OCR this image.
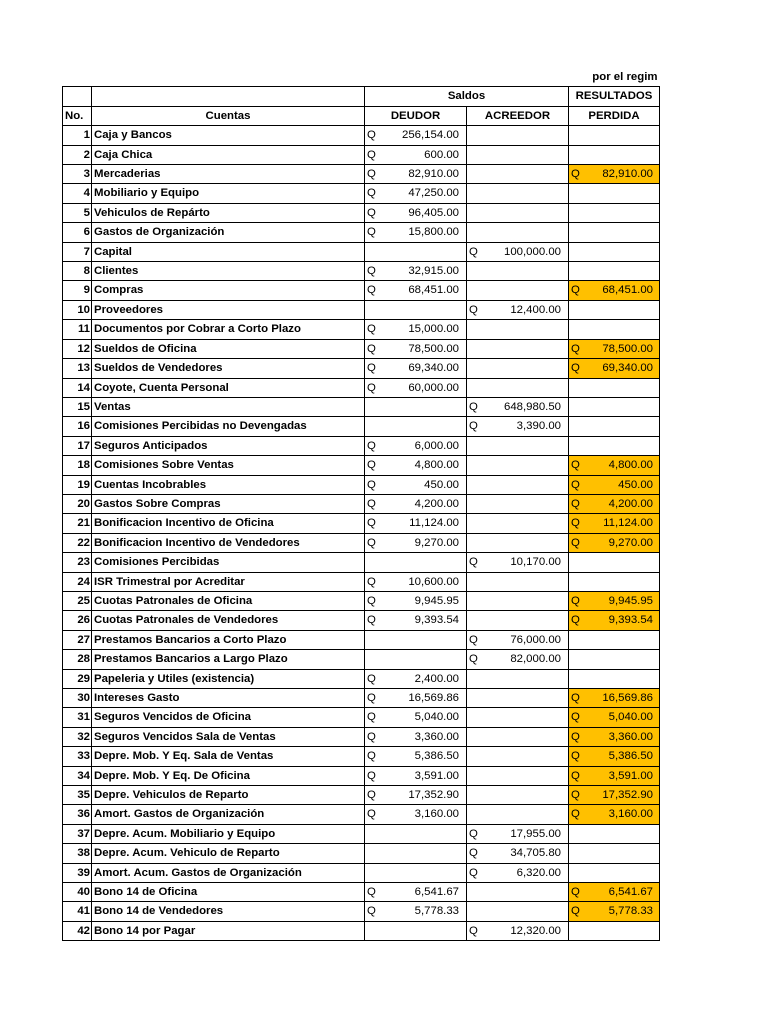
				por el regim
		Saldos		RESULTADOS
No.	Cuentas	DEUDOR	ACREEDOR	PERDIDA
1	Caja y Bancos	Q 256,154.00		
2	Caja Chica	Q 600.00		
3	Mercaderias	Q 82,910.00		Q 82,910.00
4	Mobiliario y Equipo	Q 47,250.00		
5	Vehiculos de Repárto	Q 96,405.00		
6	Gastos de Organización	Q 15,800.00		
7	Capital		Q 100,000.00	
8	Clientes	Q 32,915.00		
9	Compras	Q 68,451.00		Q 68,451.00
10	Proveedores		Q 12,400.00	
11	Documentos por Cobrar a Corto Plazo	Q 15,000.00		
12	Sueldos de Oficina	Q 78,500.00		Q 78,500.00
13	Sueldos de Vendedores	Q 69,340.00		Q 69,340.00
14	Coyote, Cuenta Personal	Q 60,000.00		
15	Ventas		Q 648,980.50	
16	Comisiones Percibidas no Devengadas		Q 3,390.00	
17	Seguros Anticipados	Q 6,000.00		
18	Comisiones Sobre Ventas	Q 4,800.00		Q 4,800.00
19	Cuentas Incobrables	Q 450.00		Q 450.00
20	Gastos Sobre Compras	Q 4,200.00		Q 4,200.00
21	Bonificacion Incentivo de Oficina	Q 11,124.00		Q 11,124.00
22	Bonificacion Incentivo de Vendedores	Q 9,270.00		Q 9,270.00
23	Comisiones Percibidas		Q 10,170.00	
24	ISR Trimestral por Acreditar	Q 10,600.00		
25	Cuotas Patronales de Oficina	Q 9,945.95		Q 9,945.95
26	Cuotas Patronales de Vendedores	Q 9,393.54		Q 9,393.54
27	Prestamos Bancarios a Corto Plazo		Q 76,000.00	
28	Prestamos Bancarios a Largo Plazo		Q 82,000.00	
29	Papeleria y Utiles (existencia)	Q 2,400.00		
30	Intereses Gasto	Q 16,569.86		Q 16,569.86
31	Seguros Vencidos de Oficina	Q 5,040.00		Q 5,040.00
32	Seguros Vencidos Sala de Ventas	Q 3,360.00		Q 3,360.00
33	Depre. Mob. Y Eq. Sala de Ventas	Q 5,386.50		Q 5,386.50
34	Depre. Mob. Y Eq. De Oficina	Q 3,591.00		Q 3,591.00
35	Depre. Vehiculos de Reparto	Q 17,352.90		Q 17,352.90
36	Amort. Gastos de Organización	Q 3,160.00		Q 3,160.00
37	Depre. Acum. Mobiliario y Equipo		Q 17,955.00	
38	Depre. Acum. Vehiculo de Reparto		Q 34,705.80	
39	Amort. Acum. Gastos de Organización		Q 6,320.00	
40	Bono 14 de Oficina	Q 6,541.67		Q 6,541.67
41	Bono 14 de Vendedores	Q 5,778.33		Q 5,778.33
42	Bono 14 por Pagar		Q 12,320.00	
